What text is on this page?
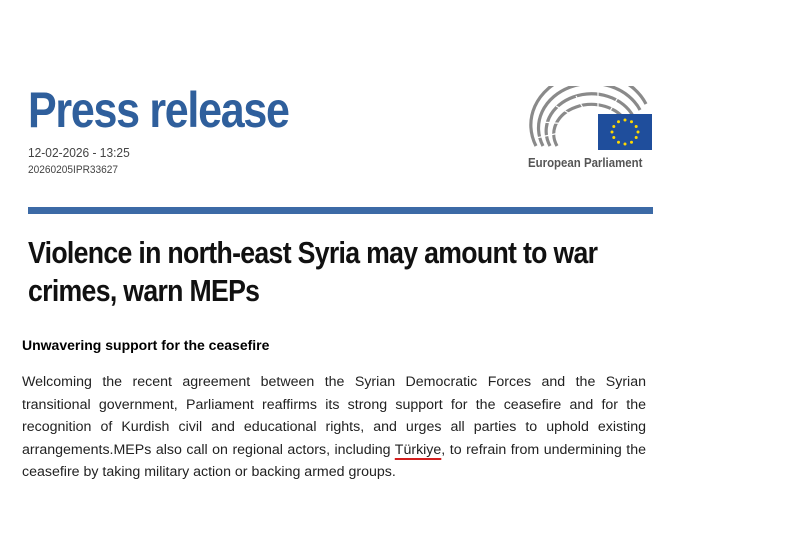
Press release
12-02-2026 - 13:25
20260205IPR33627	European Parliament
Violence in north-east Syria may amount to war crimes, warn MEPs
Unwavering support for the ceasefire
Welcoming the recent agreement between the Syrian Democratic Forces and the Syrian transitional government, Parliament reaffirms its strong support for the ceasefire and for the recognition of Kurdish civil and educational rights, and urges all parties to uphold existing arrangements.MEPs also call on regional actors, including Türkiye, to refrain from undermining the ceasefire by taking military action or backing armed groups.
